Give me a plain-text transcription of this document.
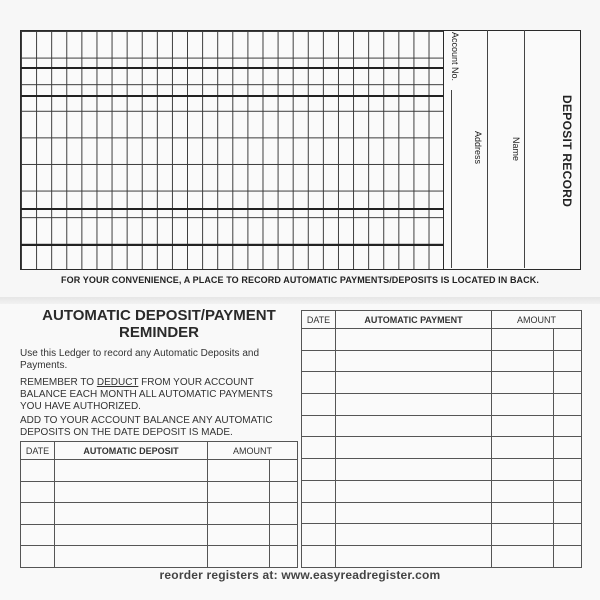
Account No.
Name
Address	DEPOSIT RECORD
FOR YOUR CONVENIENCE, A PLACE TO RECORD AUTOMATIC PAYMENTS/DEPOSITS IS LOCATED IN BACK.
AUTOMATIC DEPOSIT/PAYMENT
REMINDER
Use this Ledger to record any Automatic Deposits and Payments.
REMEMBER TO DEDUCT FROM YOUR ACCOUNT BALANCE EACH MONTH ALL AUTOMATIC PAYMENTS YOU HAVE AUTHORIZED.
ADD TO YOUR ACCOUNT BALANCE ANY AUTOMATIC DEPOSITS ON THE DATE DEPOSIT IS MADE.
DATE	AUTOMATIC DEPOSIT	AMOUNT	

DATE	AUTOMATIC PAYMENT	AMOUNT	

reorder registers at: www.easyreadregister.com
